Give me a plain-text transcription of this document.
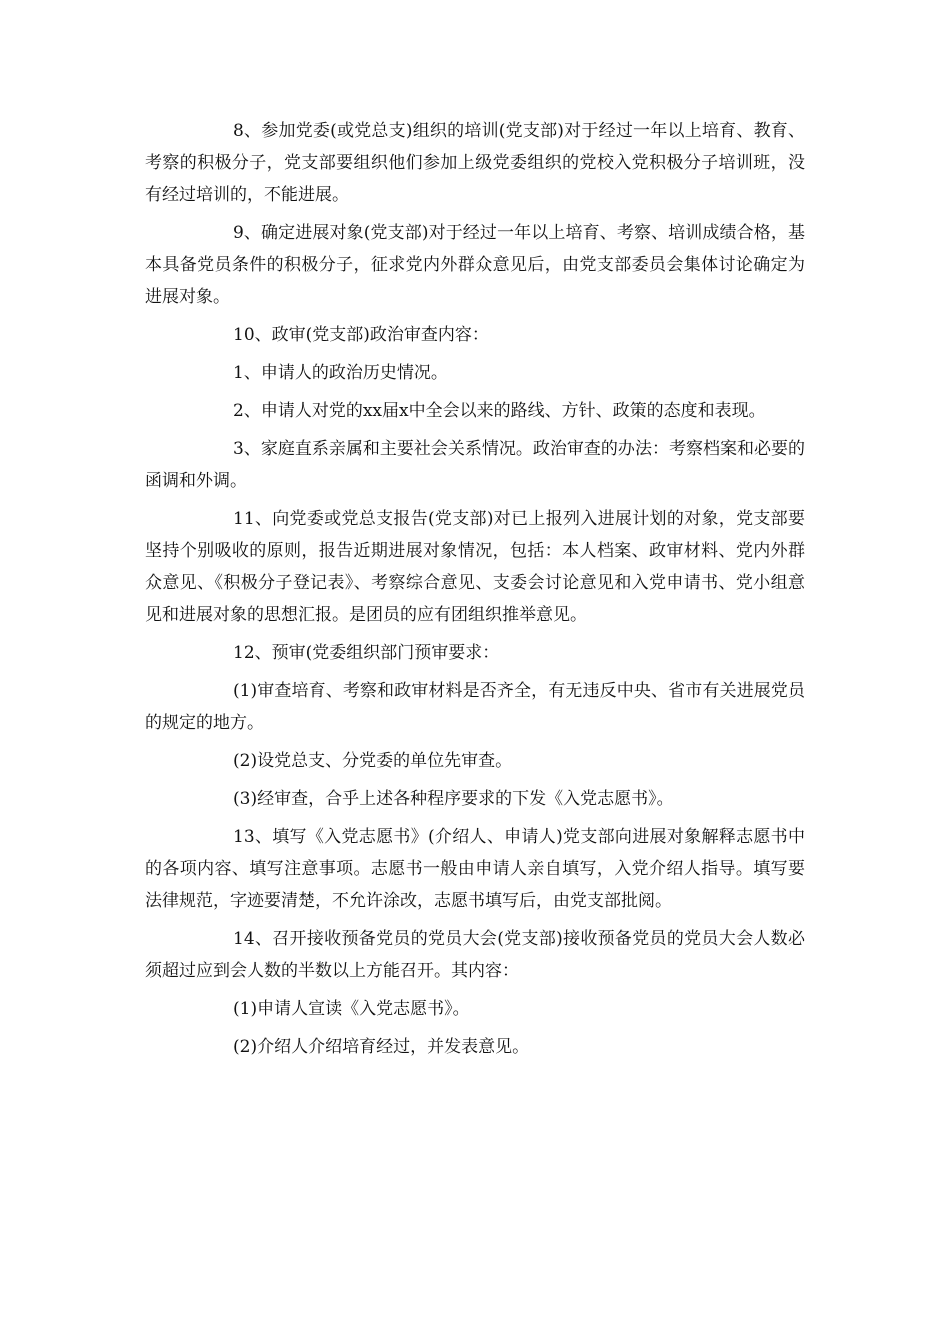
8、参加党委(或党总支)组织的培训(党支部)对于经过一年以上培育、教育、考察的积极分子，党支部要组织他们参加上级党委组织的党校入党积极分子培训班，没有经过培训的，不能进展。

9、确定进展对象(党支部)对于经过一年以上培育、考察、培训成绩合格，基本具备党员条件的积极分子，征求党内外群众意见后，由党支部委员会集体讨论确定为进展对象。

10、政审(党支部)政治审查内容：

1、申请人的政治历史情况。

2、申请人对党的xx届x中全会以来的路线、方针、政策的态度和表现。

3、家庭直系亲属和主要社会关系情况。政治审查的办法：考察档案和必要的函调和外调。

11、向党委或党总支报告(党支部)对已上报列入进展计划的对象，党支部要坚持个别吸收的原则，报告近期进展对象情况，包括：本人档案、政审材料、党内外群众意见、《积极分子登记表》、考察综合意见、支委会讨论意见和入党申请书、党小组意见和进展对象的思想汇报。是团员的应有团组织推举意见。

12、预审(党委组织部门预审要求：

(1)审查培育、考察和政审材料是否齐全，有无违反中央、省市有关进展党员的规定的地方。

(2)设党总支、分党委的单位先审查。

(3)经审查，合乎上述各种程序要求的下发《入党志愿书》。

13、填写《入党志愿书》(介绍人、申请人)党支部向进展对象解释志愿书中的各项内容、填写注意事项。志愿书一般由申请人亲自填写，入党介绍人指导。填写要法律规范，字迹要清楚，不允许涂改，志愿书填写后，由党支部批阅。

14、召开接收预备党员的党员大会(党支部)接收预备党员的党员大会人数必须超过应到会人数的半数以上方能召开。其内容：

(1)申请人宣读《入党志愿书》。

(2)介绍人介绍培育经过，并发表意见。
